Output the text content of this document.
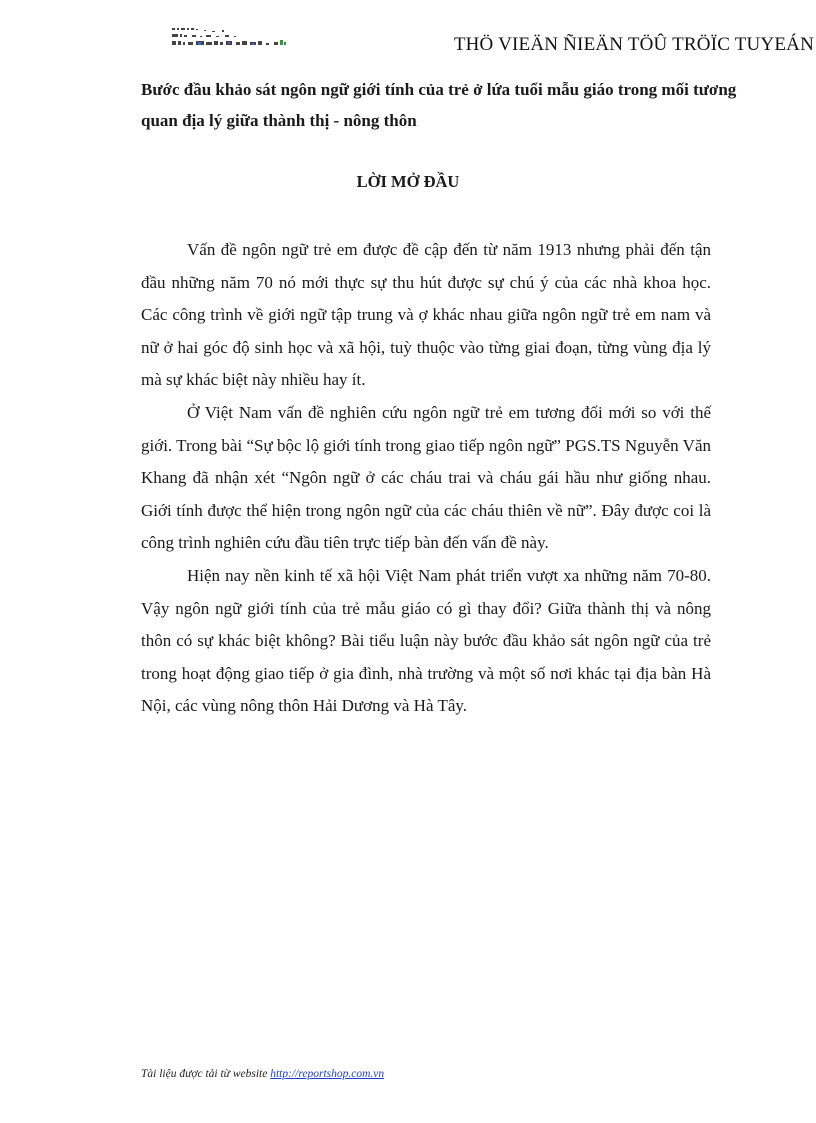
THÖ VIEÄN ÑIEÄN TÖÛ TRÖÏC TUYEÁN
Bước đầu khảo sát ngôn ngữ giới tính của trẻ ở lứa tuổi mẫu giáo trong mối tương quan địa lý giữa thành thị - nông thôn
LỜI MỞ ĐẦU

Vấn đề ngôn ngữ trẻ em được đề cập đến từ năm 1913 nhưng phải đến tận đầu những năm 70 nó mới thực sự thu hút được sự chú ý của các nhà khoa học. Các công trình về giới ngữ tập trung và ợ khác nhau giữa ngôn ngữ trẻ em nam và nữ ở hai góc độ sinh học và xã hội, tuỳ thuộc vào từng giai đoạn, từng vùng địa lý mà sự khác biệt này nhiều hay ít.

Ở Việt Nam vấn đề nghiên cứu ngôn ngữ trẻ em tương đối mới so với thế giới. Trong bài “Sự bộc lộ giới tính trong giao tiếp ngôn ngữ” PGS.TS Nguyễn Văn Khang đã nhận xét “Ngôn ngữ ở các cháu trai và cháu gái hầu như giống nhau. Giới tính được thể hiện trong ngôn ngữ của các cháu thiên về nữ”. Đây được coi là công trình nghiên cứu đầu tiên trực tiếp bàn đến vấn đề này.

Hiện nay nền kinh tế xã hội Việt Nam phát triển vượt xa những năm 70-80. Vậy ngôn ngữ giới tính của trẻ mẫu giáo có gì thay đổi? Giữa thành thị và nông thôn có sự khác biệt không? Bài tiểu luận này bước đầu khảo sát ngôn ngữ của trẻ trong hoạt động giao tiếp ở gia đình, nhà trường và một số nơi khác tại địa bàn Hà Nội, các vùng nông thôn Hải Dương và Hà Tây.

Tài liệu được tải từ website http://reportshop.com.vn
